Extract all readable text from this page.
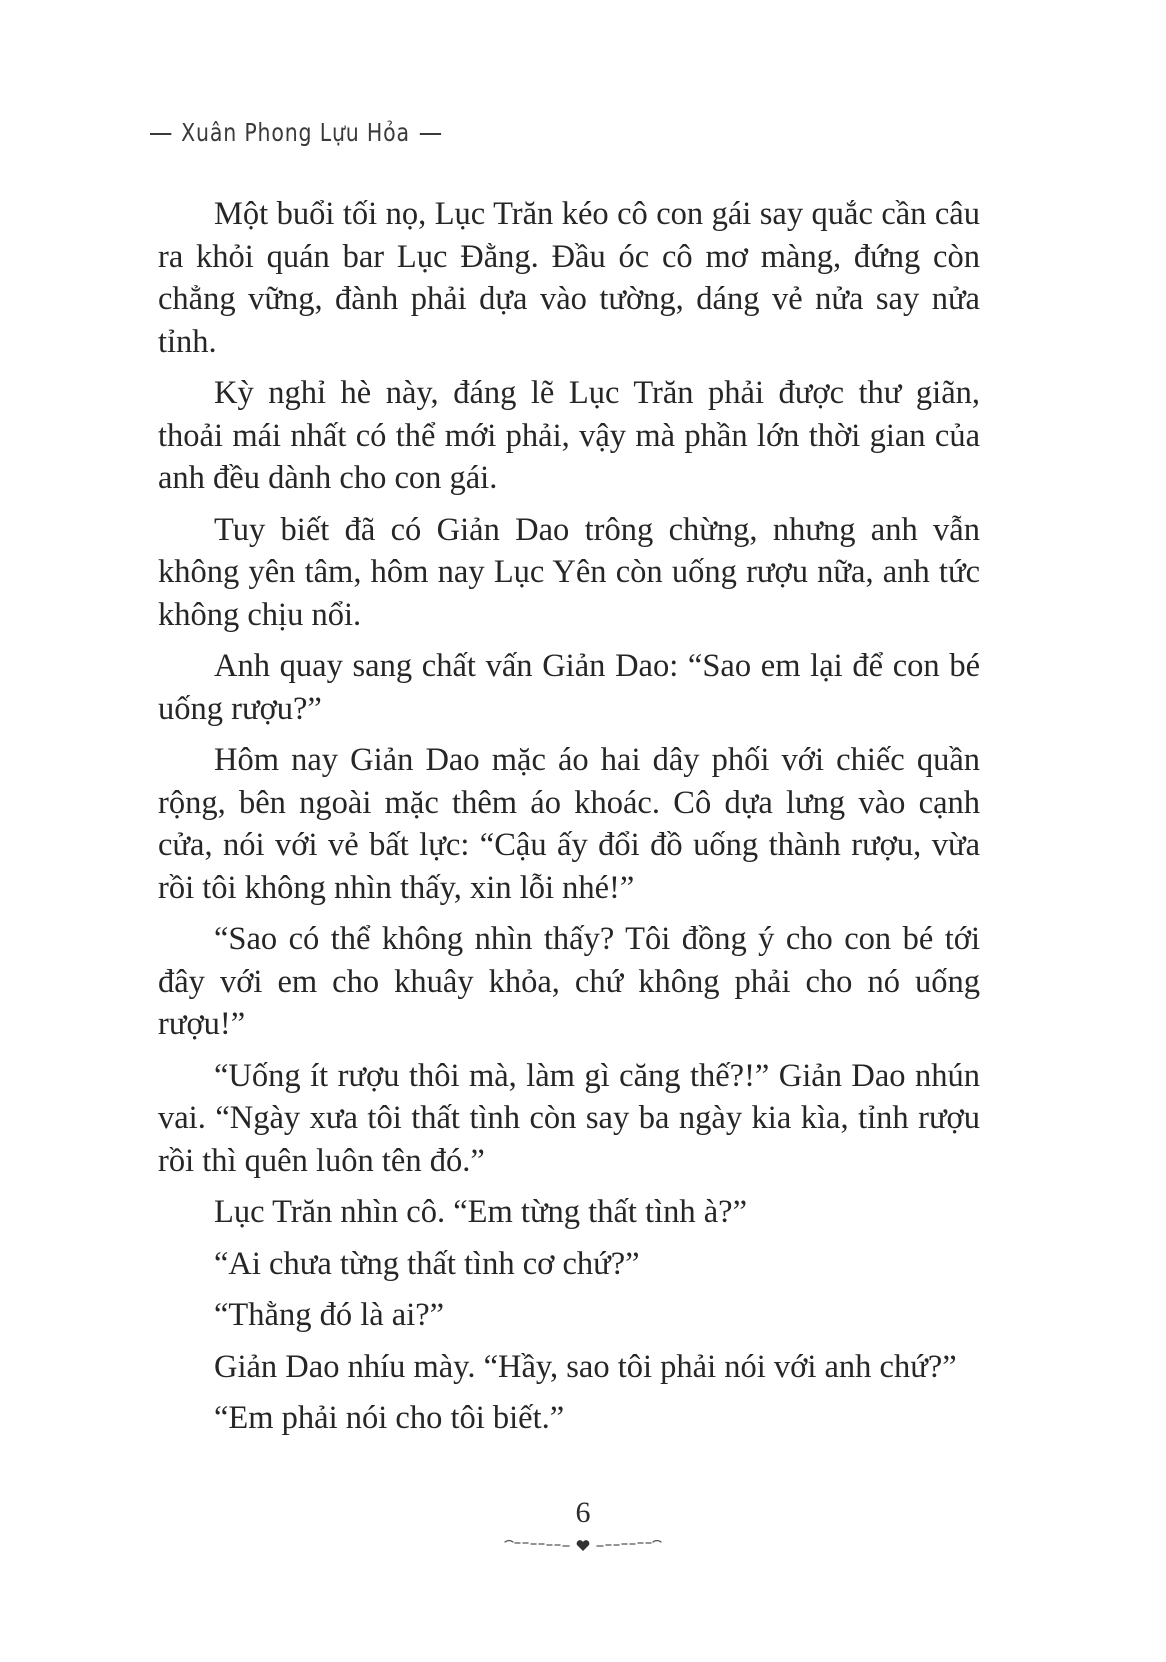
Xuân Phong Lựu Hỏa

Một buổi tối nọ, Lục Trăn kéo cô con gái say quắc cần câu ra khỏi quán bar Lục Đằng. Đầu óc cô mơ màng, đứng còn chẳng vững, đành phải dựa vào tường, dáng vẻ nửa say nửa tỉnh.

Kỳ nghỉ hè này, đáng lẽ Lục Trăn phải được thư giãn, thoải mái nhất có thể mới phải, vậy mà phần lớn thời gian của anh đều dành cho con gái.

Tuy biết đã có Giản Dao trông chừng, nhưng anh vẫn không yên tâm, hôm nay Lục Yên còn uống rượu nữa, anh tức không chịu nổi.

Anh quay sang chất vấn Giản Dao: “Sao em lại để con bé uống rượu?”

Hôm nay Giản Dao mặc áo hai dây phối với chiếc quần rộng, bên ngoài mặc thêm áo khoác. Cô dựa lưng vào cạnh cửa, nói với vẻ bất lực: “Cậu ấy đổi đồ uống thành rượu, vừa rồi tôi không nhìn thấy, xin lỗi nhé!”

“Sao có thể không nhìn thấy? Tôi đồng ý cho con bé tới đây với em cho khuây khỏa, chứ không phải cho nó uống rượu!”

“Uống ít rượu thôi mà, làm gì căng thế?!” Giản Dao nhún vai. “Ngày xưa tôi thất tình còn say ba ngày kia kìa, tỉnh rượu rồi thì quên luôn tên đó.”

Lục Trăn nhìn cô. “Em từng thất tình à?”

“Ai chưa từng thất tình cơ chứ?”

“Thằng đó là ai?”

Giản Dao nhíu mày. “Hầy, sao tôi phải nói với anh chứ?”

“Em phải nói cho tôi biết.”

6
